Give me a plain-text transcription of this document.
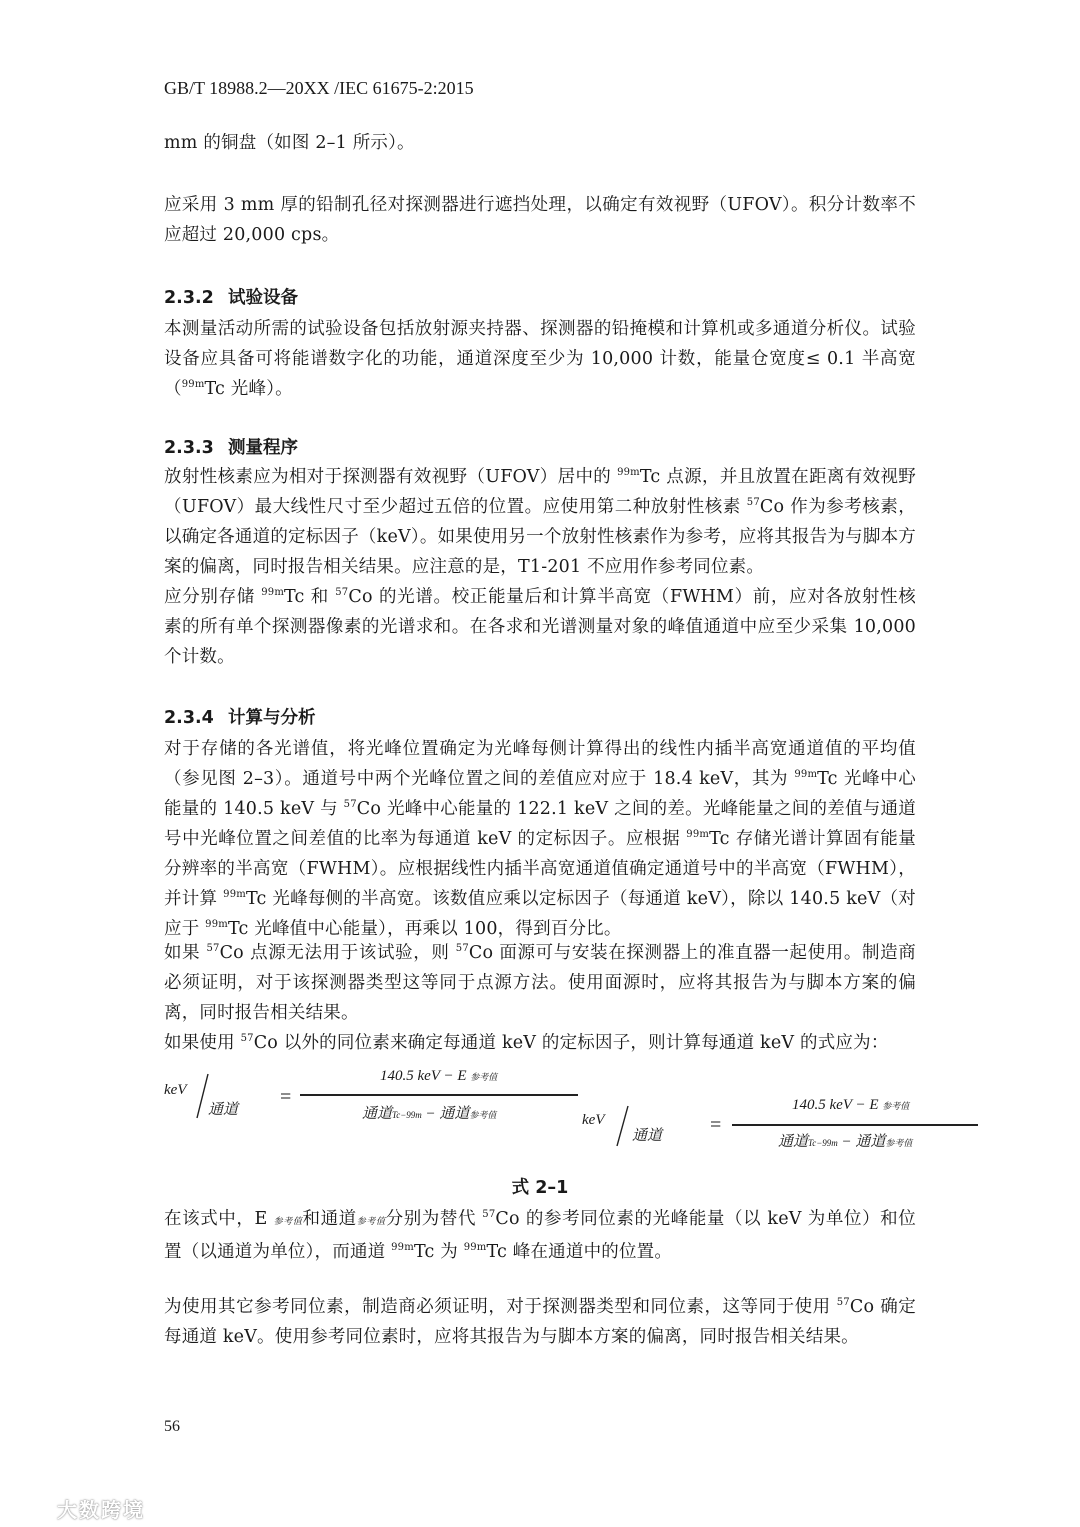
GB/T 18988.2—20XX /IEC 61675-2:2015

mm 的铜盘（如图 2–1 所示）。

应采用 3 mm 厚的铅制孔径对探测器进行遮挡处理，以确定有效视野（UFOV）。积分计数率不应超过 20,000 cps。

2.3.2 试验设备

本测量活动所需的试验设备包括放射源夹持器、探测器的铅掩模和计算机或多通道分析仪。试验设备应具备可将能谱数字化的功能，通道深度至少为 10,000 计数，能量仓宽度≤ 0.1 半高宽（$^{99m}$Tc 光峰）。

2.3.3 测量程序

放射性核素应为相对于探测器有效视野（UFOV）居中的 $^{99m}$Tc 点源，并且放置在距离有效视野（UFOV）最大线性尺寸至少超过五倍的位置。应使用第二种放射性核素 $^{57}$Co 作为参考核素，以确定各通道的定标因子（keV）。如果使用另一个放射性核素作为参考，应将其报告为与脚本方案的偏离，同时报告相关结果。应注意的是，T1-201 不应用作参考同位素。

应分别存储 $^{99m}$Tc 和 $^{57}$Co 的光谱。校正能量后和计算半高宽（FWHM）前，应对各放射性核素的所有单个探测器像素的光谱求和。在各求和光谱测量对象的峰值通道中应至少采集 10,000 个计数。

2.3.4 计算与分析

对于存储的各光谱值，将光峰位置确定为光峰每侧计算得出的线性内插半高宽通道值的平均值（参见图 2–3）。通道号中两个光峰位置之间的差值应对应于 18.4 keV，其为 $^{99m}$Tc 光峰中心能量的 140.5 keV 与 $^{57}$Co 光峰中心能量的 122.1 keV 之间的差。光峰能量之间的差值与通道号中光峰位置之间差值的比率为每通道 keV 的定标因子。应根据 $^{99m}$Tc 存储光谱计算固有能量分辨率的半高宽（FWHM）。应根据线性内插半高宽通道值确定通道号中的半高宽（FWHM），并计算 $^{99m}$Tc 光峰每侧的半高宽。该数值应乘以定标因子（每通道 keV），除以 140.5 keV（对应于 $^{99m}$Tc 光峰值中心能量），再乘以 100，得到百分比。

如果 $^{57}$Co 点源无法用于该试验，则 $^{57}$Co 面源可与安装在探测器上的准直器一起使用。制造商必须证明，对于该探测器类型这等同于点源方法。使用面源时，应将其报告为与脚本方案的偏离，同时报告相关结果。

如果使用 $^{57}$Co 以外的同位素来确定每通道 keV 的定标因子，则计算每通道 keV 的式应为：

keV
通道
=
140.5 keV − E 参考值
通道Tc−99m − 通道参考值	keV
通道 =
140.5 keV − E 参考值
通道Tc−99m − 通道参考值
式 2–1

在该式中，E 参考值和通道参考值分别为替代 $^{57}$Co 的参考同位素的光峰能量（以 keV 为单位）和位置（以通道为单位），而通道 $^{99m}$Tc 为 $^{99m}$Tc 峰在通道中的位置。

为使用其它参考同位素，制造商必须证明，对于探测器类型和同位素，这等同于使用 $^{57}$Co 确定每通道 keV。使用参考同位素时，应将其报告为与脚本方案的偏离，同时报告相关结果。

56
大数跨境
